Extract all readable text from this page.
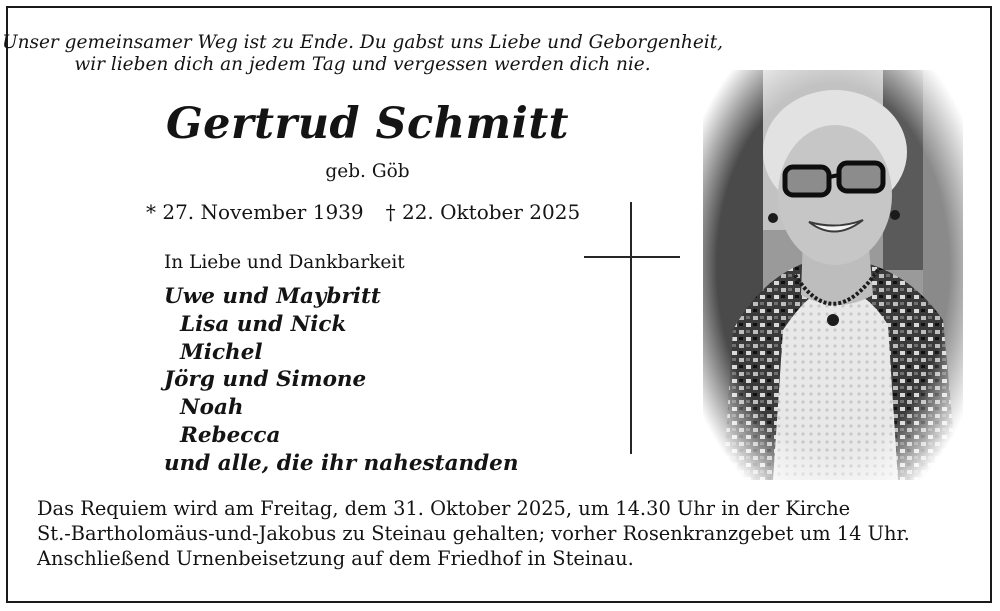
Unser gemeinsamer Weg ist zu Ende. Du gabst uns Liebe und Geborgenheit,
wir lieben dich an jedem Tag und vergessen werden dich nie.
Gertrud Schmitt
geb. Göb
* 27. November 1939 † 22. Oktober 2025
In Liebe und Dankbarkeit
Uwe und Maybritt
Lisa und Nick
Michel
Jörg und Simone
Noah
Rebecca
und alle, die ihr nahestanden
Das Requiem wird am Freitag, dem 31. Oktober 2025, um 14.30 Uhr in der Kirche
St.-Bartholomäus-und-Jakobus zu Steinau gehalten; vorher Rosenkranzgebet um 14 Uhr.
Anschließend Urnenbeisetzung auf dem Friedhof in Steinau.
